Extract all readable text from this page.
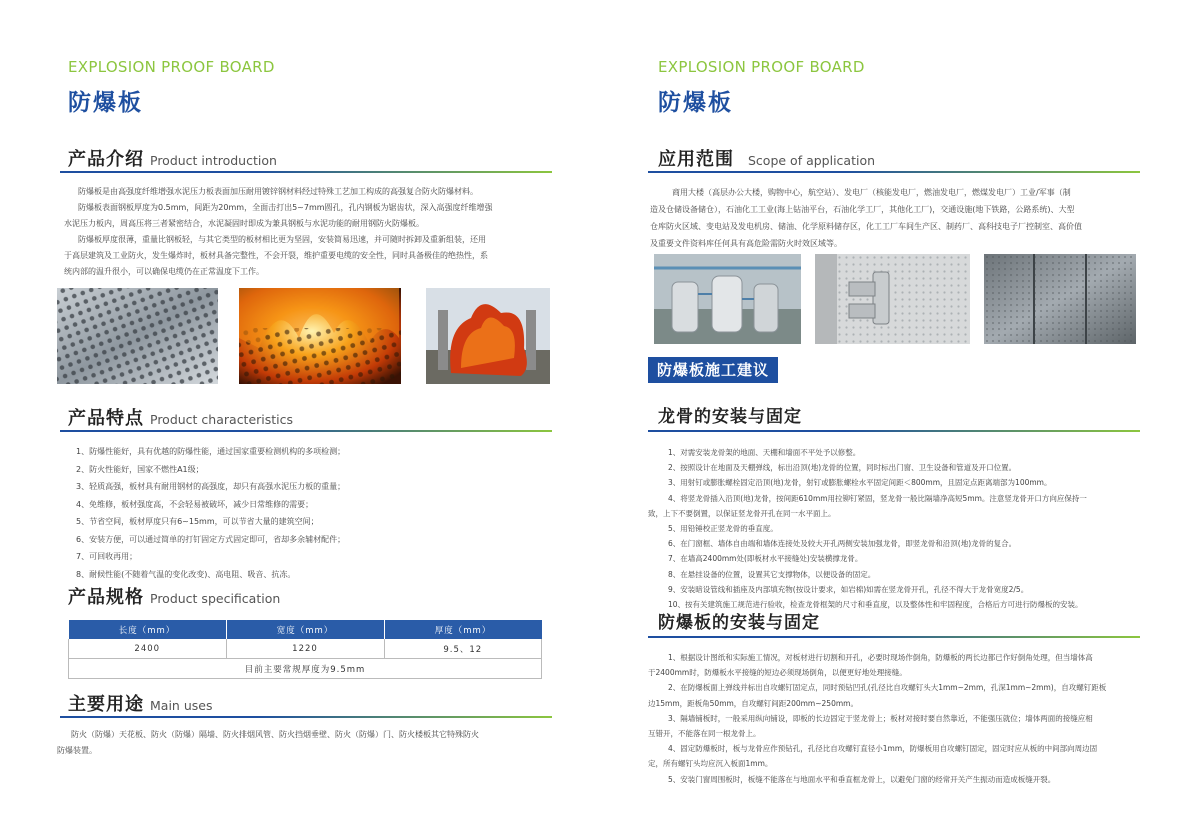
EXPLOSION PROOF BOARD
防爆板
产品介绍 Product introduction
防爆板是由高强度纤维增强水泥压力板表面加压耐用镀锌钢材料经过特殊工艺加工构成的高强复合防火防爆材料。
防爆板表面钢板厚度为0.5mm，间距为20mm，全面击打出5~7mm圆孔，孔内钢板为锯齿状，深入高强度纤维增强
水泥压力板内，周高压将三者紧密结合，水泥凝固时即成为兼具钢板与水泥功能的耐用钢防火防爆板。
防爆板厚度很薄，重量比钢板轻，与其它类型的板材相比更为坚固，安装简易迅速，并可随时拆卸及重新组装，还用
于高层建筑及工业防火，发生爆炸时，板材具备完整性，不会开裂，维护重要电缆的安全性，同时具备极佳的绝热性，系
统内部的温升很小，可以确保电缆仍在正常温度下工作。
产品特点 Product characteristics
1、防爆性能好，具有优越的防爆性能，通过国家重要检测机构的多项检测；
2、防火性能好，国家不燃性A1级；
3、轻质高强，板材具有耐用钢材的高强度，却只有高强水泥压力板的重量；
4、免维修，板材强度高，不会轻易被破坏，减少日常维修的需要；
5、节省空间，板材厚度只有6~15mm，可以节省大量的建筑空间；
6、安装方便，可以通过简单的打钉固定方式固定即可，省却多余辅材配件；
7、可回收再用；
8、耐候性能(不随着气温的变化改变)、高电阻、吸音、抗冻。
产品规格 Product specification
长度（mm）	宽度（mm）	厚度（mm）
2400	1220	9.5、12
目前主要常规厚度为9.5mm		
主要用途 Main uses
防火（防爆）天花板、防火（防爆）隔墙、防火排烟风管、防火挡烟垂壁、防火（防爆）门、防火楼板其它特殊防火
防爆装置。
EXPLOSION PROOF BOARD
防爆板
应用范围 Scope of application
商用大楼（高层办公大楼，购物中心，航空站）、发电厂（核能发电厂，燃油发电厂，燃煤发电厂）工业/军事（制
造及仓储设备储仓），石油化工工业(海上钻油平台，石油化学工厂，其他化工厂)，交通设施(地下铁路，公路系统)、大型
仓库防火区域、变电站及发电机房、储油、化学原料储存区，化工工厂车间生产区、制药厂、高科技电子厂控制室、高价值
及重要文件资料库任何具有高危险需防火时效区域等。
防爆板施工建议
龙骨的安装与固定
1、对需安装龙骨架的地面、天棚和墙面不平处予以修整。
2、按照设计在地面及天棚弹线，标出沿顶(地)龙骨的位置，同时标出门窗、卫生设备和管道及开口位置。
3、用射钉或膨胀螺栓固定沿顶(地)龙骨，射钉或膨胀螺栓水平固定间距＜800mm，且固定点距离端部为100mm。
4、将竖龙骨插入沿顶(地)龙骨，按间距610mm用拉铆钉紧固，竖龙骨一般比隔墙净高短5mm。注意竖龙骨开口方向应保持一
致，上下不要倒置，以保证竖龙骨开孔在同一水平面上。
5、用铅锤校正竖龙骨的垂直度。
6、在门窗框、墙体自由端和墙体连接处及较大开孔两侧安装加强龙骨，即竖龙骨和沿顶(地)龙骨的复合。
7、在墙高2400mm处(即板材水平接缝处)安装横撑龙骨。
8、在悬挂设备的位置，设置其它支撑物体，以便设备的固定。
9、安装暗设管线和插座及内部填充物(按设计要求，如岩棉)如需在竖龙骨开孔，孔径不得大于龙骨宽度2/5。
10、按有关建筑施工规范进行验收，检查龙骨框架的尺寸和垂直度，以及整体性和牢固程度，合格后方可进行防爆板的安装。
防爆板的安装与固定
1、根据设计图纸和实际施工情况，对板材进行切割和开孔，必要时现场作倒角，防爆板的两长边都已作好倒角处理，但当墙体高
于2400mm时，防爆板水平接缝的短边必须现场倒角，以便更好地处理接缝。
2、在防爆板面上弹线并标出自攻螺钉固定点，同时预钻凹孔(孔径比自攻螺钉头大1mm~2mm，孔深1mm~2mm)，自攻螺钉距板
边15mm，距板角50mm，自攻螺钉间距200mm~250mm。
3、隔墙铺板时，一般采用纵向铺设，即板的长边固定于竖龙骨上；板材对接时要自然靠近，不能强压就位；墙体两面的接缝应相
互错开，不能落在同一根龙骨上。
4、固定防爆板时，板与龙骨应作预钻孔，孔径比自攻螺钉直径小1mm，防爆板用自攻螺钉固定，固定时应从板的中间部向周边固
定，所有螺钉头均应沉入板面1mm。
5、安装门窗周围板时，板缝不能落在与地面水平和垂直框龙骨上，以避免门窗的经常开关产生振动而造成板缝开裂。
